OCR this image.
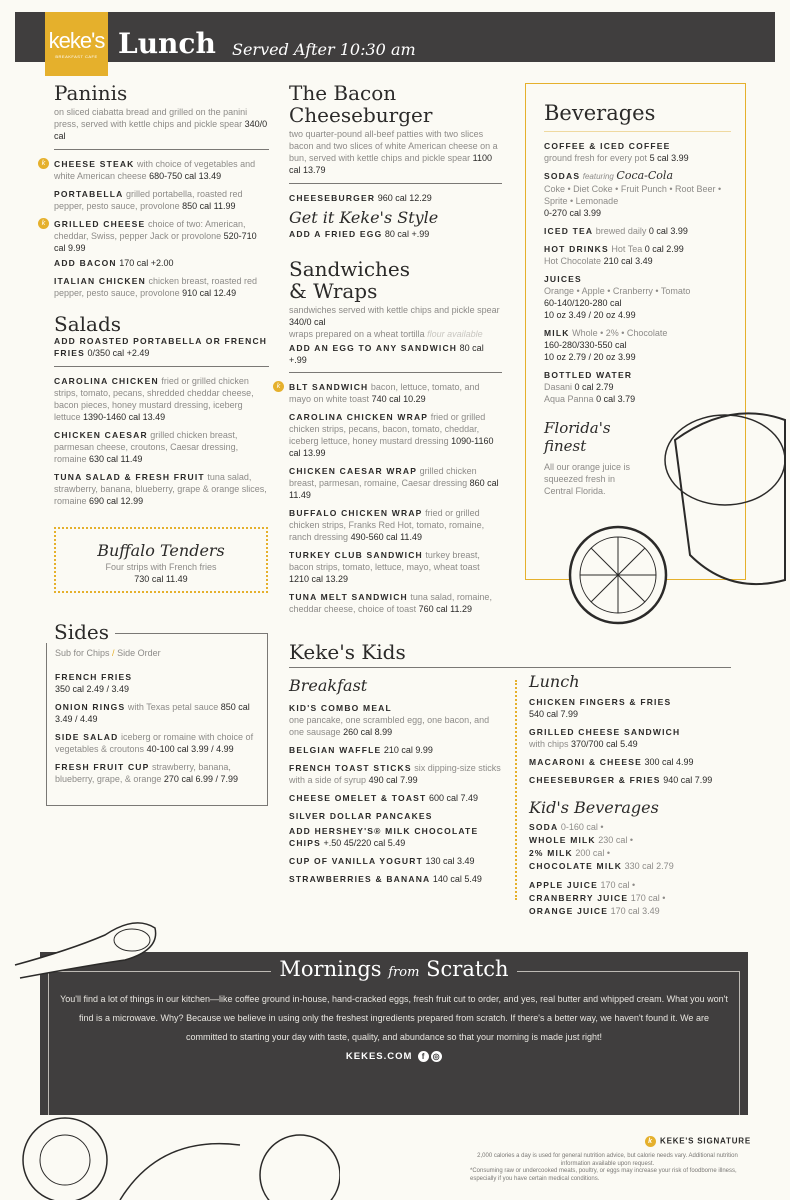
keke's
BREAKFAST CAFE Lunch Served After 10:30 am
Paninis
on sliced ciabatta bread and grilled on the panini press, served with kettle chips and pickle spear 340/0 cal
k	CHEESE STEAK with choice of vegetables and white American cheese 680-750 cal 13.49
PORTABELLA grilled portabella, roasted red pepper, pesto sauce, provolone 850 cal 11.99
k	GRILLED CHEESE choice of two: American, cheddar, Swiss, pepper Jack or provolone 520-710 cal 9.99
ADD BACON 170 cal +2.00
ITALIAN CHICKEN chicken breast, roasted red pepper, pesto sauce, provolone 910 cal 12.49
Salads
ADD ROASTED PORTABELLA OR FRENCH FRIES 0/350 cal +2.49
CAROLINA CHICKEN fried or grilled chicken strips, tomato, pecans, shredded cheddar cheese, bacon pieces, honey mustard dressing, iceberg lettuce 1390-1460 cal 13.49
CHICKEN CAESAR grilled chicken breast, parmesan cheese, croutons, Caesar dressing, romaine 630 cal 11.49
TUNA SALAD & FRESH FRUIT tuna salad, strawberry, banana, blueberry, grape & orange slices, romaine 690 cal 12.99
Buffalo Tenders
Four strips with French fries
730 cal 11.49
Sides
Sub for Chips / Side Order
FRENCH FRIES
350 cal 2.49 / 3.49
ONION RINGS with Texas petal sauce 850 cal 3.49 / 4.49
SIDE SALAD iceberg or romaine with choice of vegetables & croutons 40-100 cal 3.99 / 4.99
FRESH FRUIT CUP strawberry, banana, blueberry, grape, & orange 270 cal 6.99 / 7.99
The Bacon
Cheeseburger
two quarter-pound all-beef patties with two slices bacon and two slices of white American cheese on a bun, served with kettle chips and pickle spear 1100 cal 13.79
CHEESEBURGER 960 cal 12.29
Get it Keke's Style
ADD A FRIED EGG 80 cal +.99
Sandwiches
& Wraps
sandwiches served with kettle chips and pickle spear 340/0 cal
wraps prepared on a wheat tortilla flour available
ADD AN EGG TO ANY SANDWICH 80 cal +.99
k	BLT SANDWICH bacon, lettuce, tomato, and mayo on white toast 740 cal 10.29
CAROLINA CHICKEN WRAP fried or grilled chicken strips, pecans, bacon, tomato, cheddar, iceberg lettuce, honey mustard dressing 1090-1160 cal 13.99
CHICKEN CAESAR WRAP grilled chicken breast, parmesan, romaine, Caesar dressing 860 cal 11.49
BUFFALO CHICKEN WRAP fried or grilled chicken strips, Franks Red Hot, tomato, romaine, ranch dressing 490-560 cal 11.49
TURKEY CLUB SANDWICH turkey breast, bacon strips, tomato, lettuce, mayo, wheat toast 1210 cal 13.29
TUNA MELT SANDWICH tuna salad, romaine, cheddar cheese, choice of toast 760 cal 11.29
Keke's Kids
Breakfast
KID'S COMBO MEAL
one pancake, one scrambled egg, one bacon, and one sausage 260 cal 8.99
BELGIAN WAFFLE 210 cal 9.99
FRENCH TOAST STICKS six dipping-size sticks with a side of syrup 490 cal 7.99
CHEESE OMELET & TOAST 600 cal 7.49
SILVER DOLLAR PANCAKES
ADD HERSHEY'S® MILK CHOCOLATE CHIPS +.50 45/220 cal 5.49
CUP OF VANILLA YOGURT 130 cal 3.49
STRAWBERRIES & BANANA 140 cal 5.49
Beverages
COFFEE & ICED COFFEE
ground fresh for every pot 5 cal 3.99
SODAS featuring Coca-Cola
Coke • Diet Coke • Fruit Punch • Root Beer • Sprite • Lemonade
0-270 cal 3.99
ICED TEA brewed daily 0 cal 3.99
HOT DRINKS Hot Tea 0 cal 2.99
Hot Chocolate 210 cal 3.49
JUICES
Orange • Apple • Cranberry • Tomato
60-140/120-280 cal
10 oz 3.49 / 20 oz 4.99
MILK Whole • 2% • Chocolate
160-280/330-550 cal
10 oz 2.79 / 20 oz 3.99
BOTTLED WATER
Dasani 0 cal 2.79
Aqua Panna 0 cal 3.79
Florida's
finest
All our orange juice is squeezed fresh in Central Florida.
Lunch
CHICKEN FINGERS & FRIES
540 cal 7.99
GRILLED CHEESE SANDWICH
with chips 370/700 cal 5.49
MACARONI & CHEESE 300 cal 4.99
CHEESEBURGER & FRIES 940 cal 7.99
Kid's Beverages
SODA 0-160 cal •
WHOLE MILK 230 cal •
2% MILK 200 cal •
CHOCOLATE MILK 330 cal 2.79

APPLE JUICE 170 cal •
CRANBERRY JUICE 170 cal •
ORANGE JUICE 170 cal 3.49

Mornings from Scratch
You'll find a lot of things in our kitchen—like coffee ground in-house, hand-cracked eggs, fresh fruit cut to order, and yes, real butter and whipped cream. What you won't find is a microwave. Why? Because we believe in using only the freshest ingredients prepared from scratch. If there's a better way, we haven't found it. We are committed to starting your day with taste, quality, and abundance so that your morning is made just right!
KEKES.COM f ◎
k KEKE'S SIGNATURE
2,000 calories a day is used for general nutrition advice, but calorie needs vary. Additional nutrition information available upon request.
*Consuming raw or undercooked meats, poultry, or eggs may increase your risk of foodborne illness, especially if you have certain medical conditions.
